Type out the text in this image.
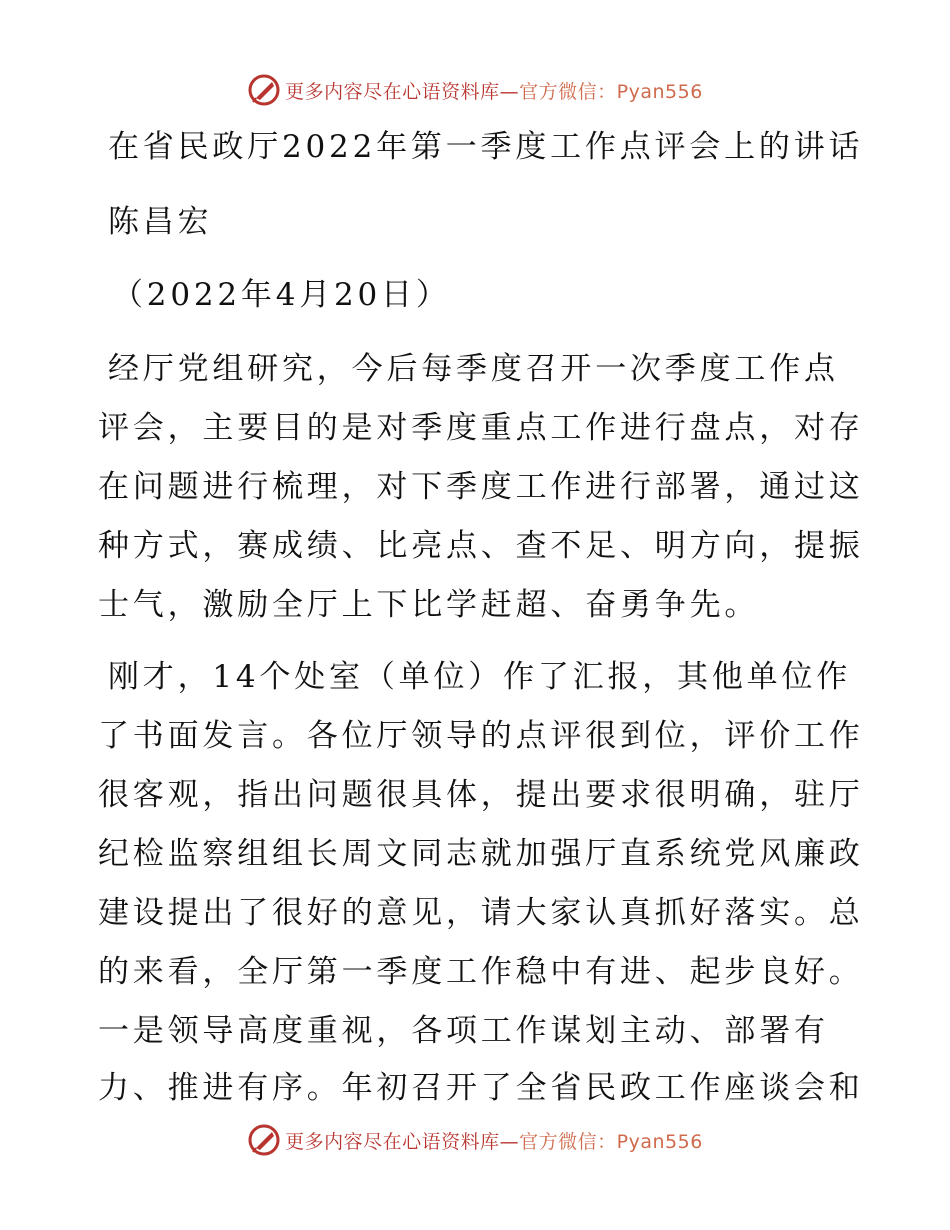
更多内容尽在心语资料库—官方微信：Pyan556
在省民政厅2022年第一季度工作点评会上的讲话
陈昌宏
（2022年4月20日）
经厅党组研究，今后每季度召开一次季度工作点
评会，主要目的是对季度重点工作进行盘点，对存
在问题进行梳理，对下季度工作进行部署，通过这
种方式，赛成绩、比亮点、查不足、明方向，提振
士气，激励全厅上下比学赶超、奋勇争先。
刚才，14个处室（单位）作了汇报，其他单位作
了书面发言。各位厅领导的点评很到位，评价工作
很客观，指出问题很具体，提出要求很明确，驻厅
纪检监察组组长周文同志就加强厅直系统党风廉政
建设提出了很好的意见，请大家认真抓好落实。总
的来看，全厅第一季度工作稳中有进、起步良好。
一是领导高度重视，各项工作谋划主动、部署有
力、推进有序。年初召开了全省民政工作座谈会和
更多内容尽在心语资料库—官方微信：Pyan556
